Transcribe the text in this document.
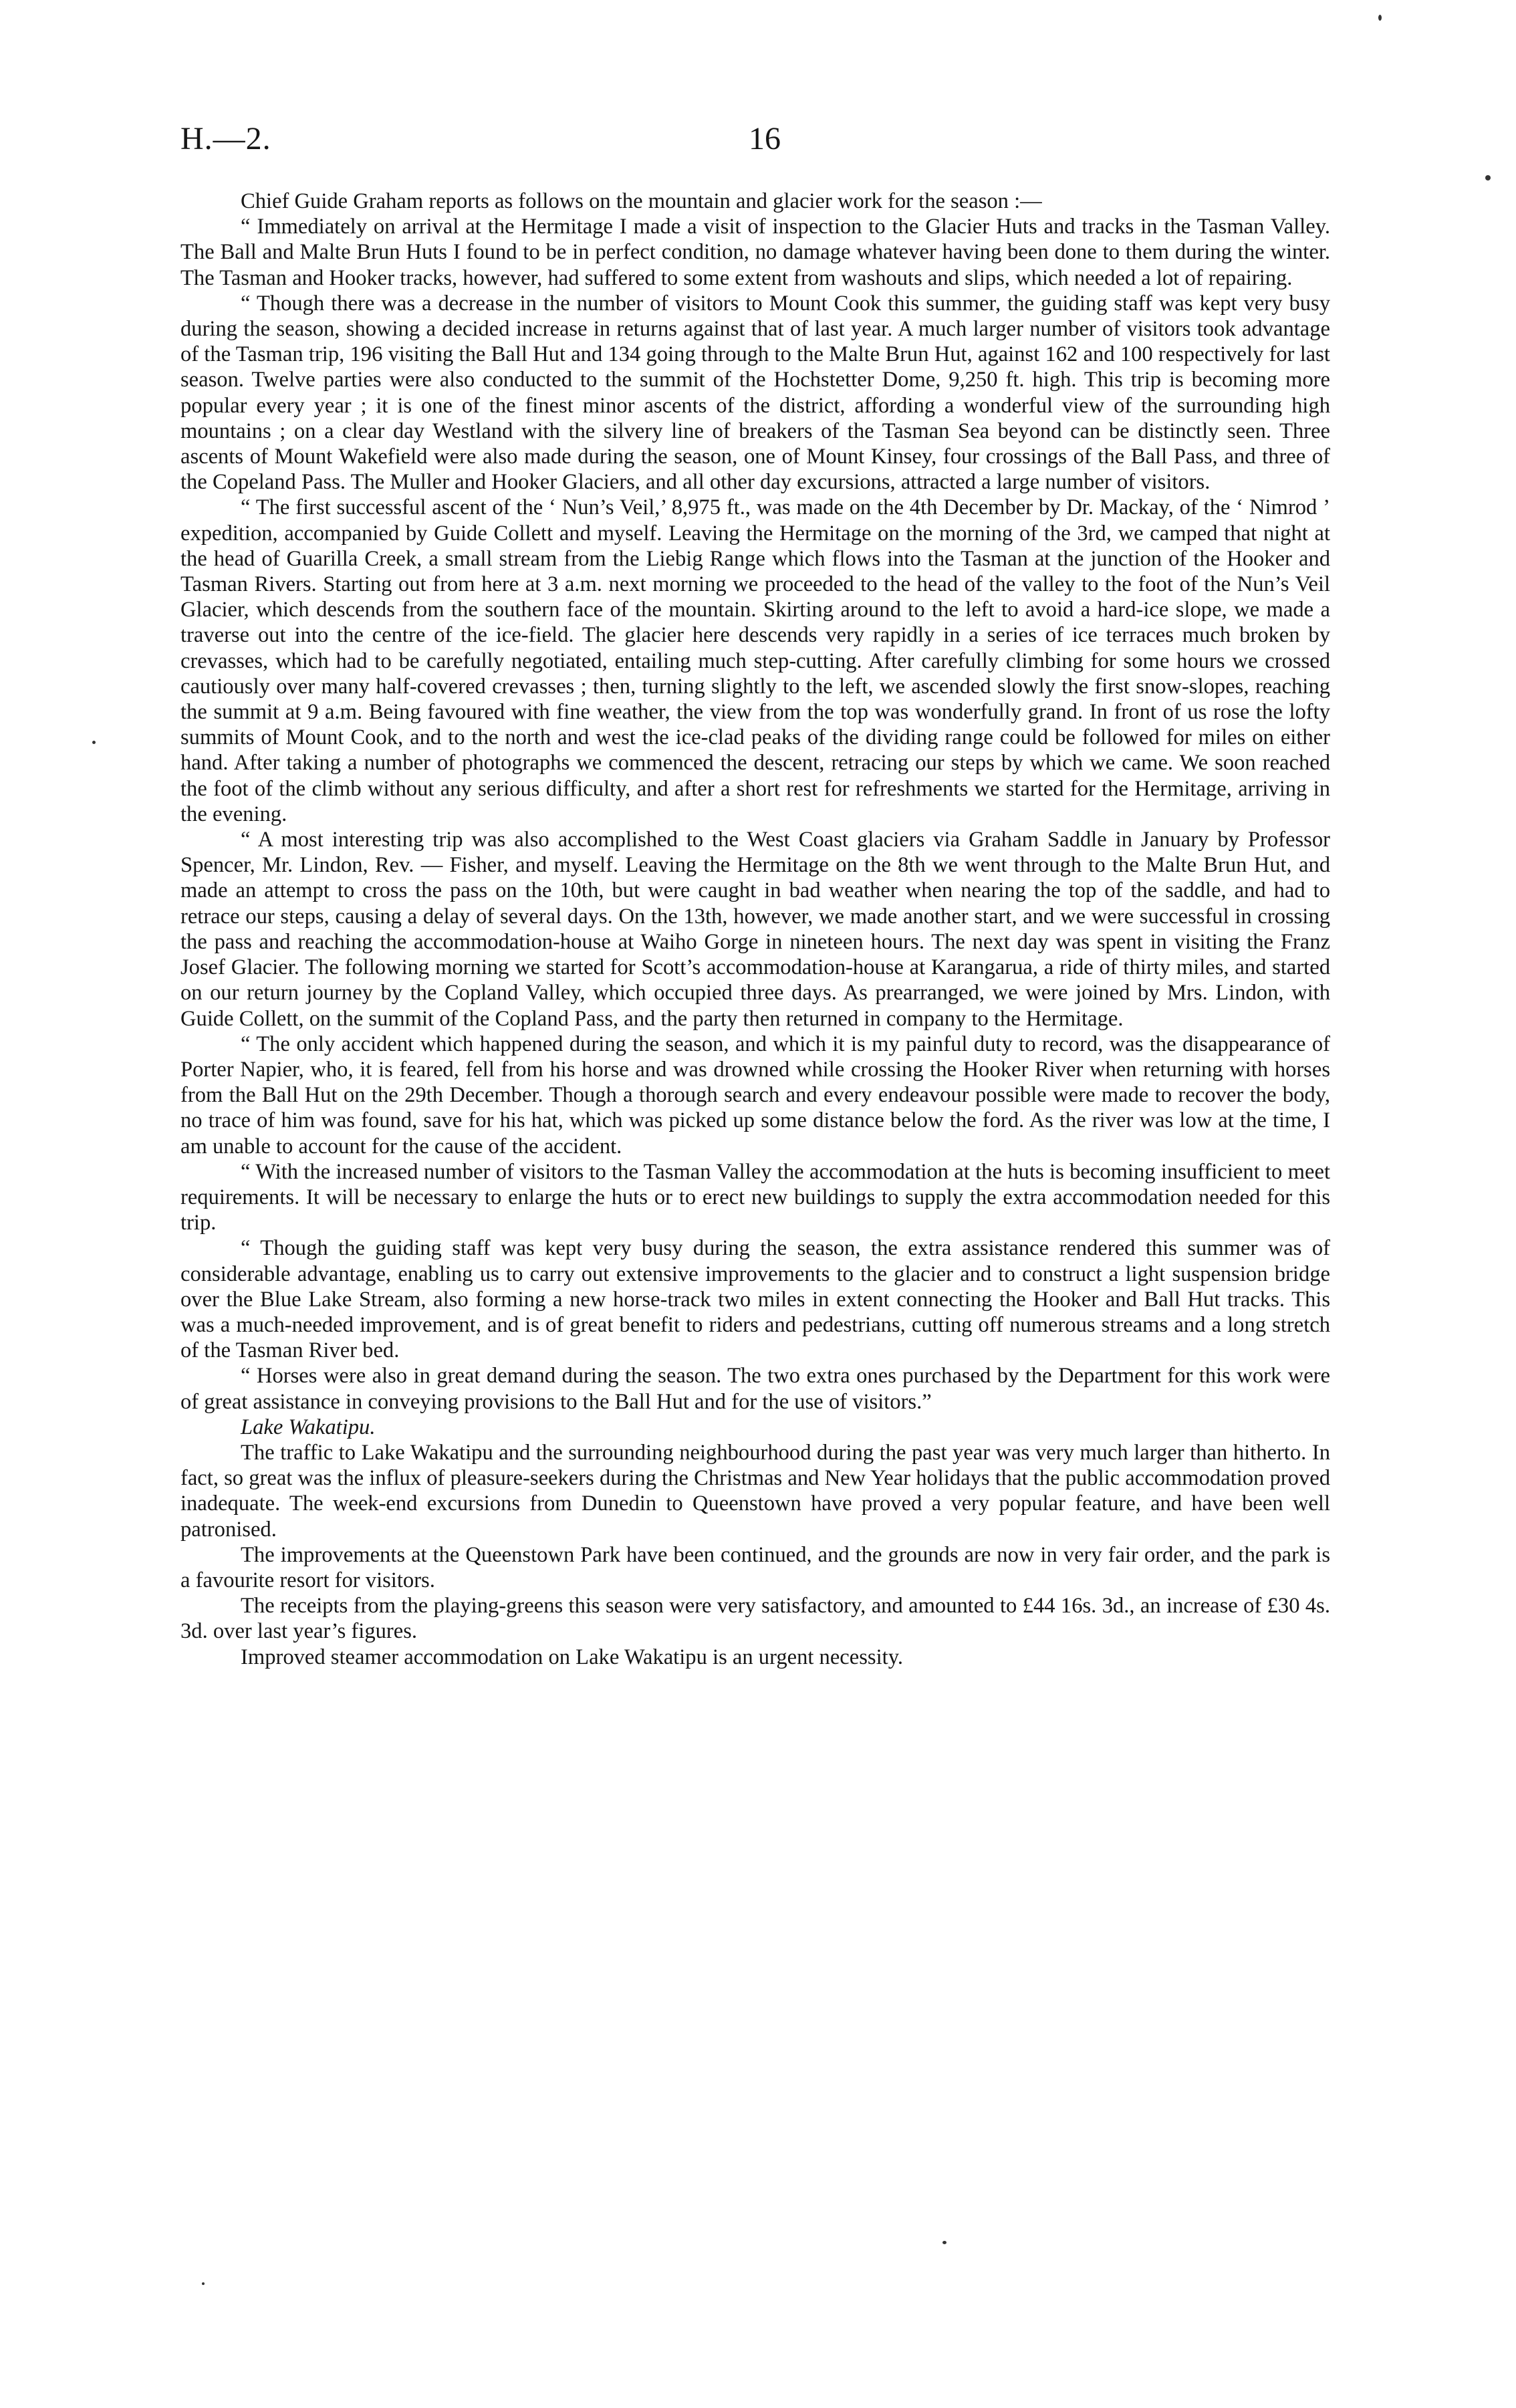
H.—2.	16

Chief Guide Graham reports as follows on the mountain and glacier work for the season :—

“ Immediately on arrival at the Hermitage I made a visit of inspection to the Glacier Huts and tracks in the Tasman Valley. The Ball and Malte Brun Huts I found to be in perfect condition, no damage whatever having been done to them during the winter. The Tasman and Hooker tracks, however, had suffered to some extent from washouts and slips, which needed a lot of repairing.

“ Though there was a decrease in the number of visitors to Mount Cook this summer, the guiding staff was kept very busy during the season, showing a decided increase in returns against that of last year. A much larger number of visitors took advantage of the Tasman trip, 196 visiting the Ball Hut and 134 going through to the Malte Brun Hut, against 162 and 100 respectively for last season. Twelve parties were also conducted to the summit of the Hochstetter Dome, 9,250 ft. high. This trip is becoming more popular every year ; it is one of the finest minor ascents of the district, affording a wonderful view of the surrounding high mountains ; on a clear day Westland with the silvery line of breakers of the Tasman Sea beyond can be distinctly seen. Three ascents of Mount Wakefield were also made during the season, one of Mount Kinsey, four crossings of the Ball Pass, and three of the Copeland Pass. The Muller and Hooker Glaciers, and all other day excursions, attracted a large number of visitors.

“ The first successful ascent of the ‘ Nun’s Veil,’ 8,975 ft., was made on the 4th December by Dr. Mackay, of the ‘ Nimrod ’ expedition, accompanied by Guide Collett and myself. Leaving the Hermitage on the morning of the 3rd, we camped that night at the head of Guarilla Creek, a small stream from the Liebig Range which flows into the Tasman at the junction of the Hooker and Tasman Rivers. Starting out from here at 3 a.m. next morning we proceeded to the head of the valley to the foot of the Nun’s Veil Glacier, which descends from the southern face of the mountain. Skirting around to the left to avoid a hard-ice slope, we made a traverse out into the centre of the ice-field. The glacier here descends very rapidly in a series of ice terraces much broken by crevasses, which had to be carefully negotiated, entailing much step-cutting. After carefully climbing for some hours we crossed cautiously over many half-covered crevasses ; then, turning slightly to the left, we ascended slowly the first snow-slopes, reaching the summit at 9 a.m. Being favoured with fine weather, the view from the top was wonderfully grand. In front of us rose the lofty summits of Mount Cook, and to the north and west the ice-clad peaks of the dividing range could be followed for miles on either hand. After taking a number of photographs we commenced the descent, retracing our steps by which we came. We soon reached the foot of the climb without any serious difficulty, and after a short rest for refreshments we started for the Hermitage, arriving in the evening.

“ A most interesting trip was also accomplished to the West Coast glaciers via Graham Saddle in January by Professor Spencer, Mr. Lindon, Rev. — Fisher, and myself. Leaving the Hermitage on the 8th we went through to the Malte Brun Hut, and made an attempt to cross the pass on the 10th, but were caught in bad weather when nearing the top of the saddle, and had to retrace our steps, causing a delay of several days. On the 13th, however, we made another start, and we were successful in crossing the pass and reaching the accommodation-house at Waiho Gorge in nineteen hours. The next day was spent in visiting the Franz Josef Glacier. The following morning we started for Scott’s accommodation-house at Karangarua, a ride of thirty miles, and started on our return journey by the Copland Valley, which occupied three days. As prearranged, we were joined by Mrs. Lindon, with Guide Collett, on the summit of the Copland Pass, and the party then returned in company to the Hermitage.

“ The only accident which happened during the season, and which it is my painful duty to record, was the disappearance of Porter Napier, who, it is feared, fell from his horse and was drowned while crossing the Hooker River when returning with horses from the Ball Hut on the 29th December. Though a thorough search and every endeavour possible were made to recover the body, no trace of him was found, save for his hat, which was picked up some distance below the ford. As the river was low at the time, I am unable to account for the cause of the accident.

“ With the increased number of visitors to the Tasman Valley the accommodation at the huts is becoming insufficient to meet requirements. It will be necessary to enlarge the huts or to erect new buildings to supply the extra accommodation needed for this trip.

“ Though the guiding staff was kept very busy during the season, the extra assistance rendered this summer was of considerable advantage, enabling us to carry out extensive improvements to the glacier and to construct a light suspension bridge over the Blue Lake Stream, also forming a new horse-track two miles in extent connecting the Hooker and Ball Hut tracks. This was a much-needed improvement, and is of great benefit to riders and pedestrians, cutting off numerous streams and a long stretch of the Tasman River bed.

“ Horses were also in great demand during the season. The two extra ones purchased by the Department for this work were of great assistance in conveying provisions to the Ball Hut and for the use of visitors.”

Lake Wakatipu.

The traffic to Lake Wakatipu and the surrounding neighbourhood during the past year was very much larger than hitherto. In fact, so great was the influx of pleasure-seekers during the Christmas and New Year holidays that the public accommodation proved inadequate. The week-end excursions from Dunedin to Queenstown have proved a very popular feature, and have been well patronised.

The improvements at the Queenstown Park have been continued, and the grounds are now in very fair order, and the park is a favourite resort for visitors.

The receipts from the playing-greens this season were very satisfactory, and amounted to £44 16s. 3d., an increase of £30 4s. 3d. over last year’s figures.

Improved steamer accommodation on Lake Wakatipu is an urgent necessity.
